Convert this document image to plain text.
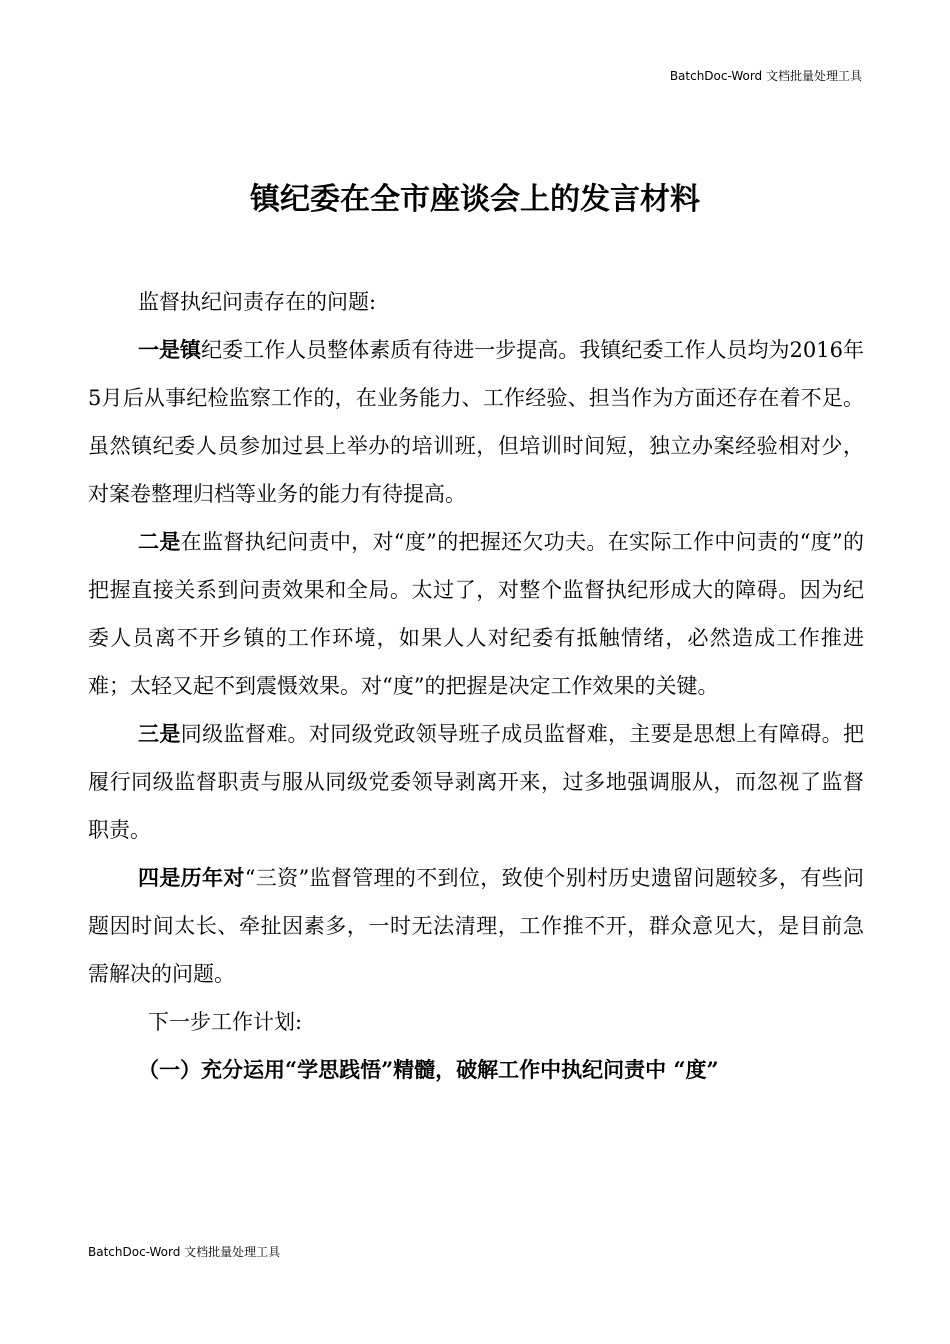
BatchDoc-Word 文档批量处理工具
镇纪委在全市座谈会上的发言材料

监督执纪问责存在的问题:

一是镇纪委工作人员整体素质有待进一步提高。我镇纪委工作人员均为2016年5月后从事纪检监察工作的，在业务能力、工作经验、担当作为方面还存在着不足。虽然镇纪委人员参加过县上举办的培训班，但培训时间短，独立办案经验相对少，对案卷整理归档等业务的能力有待提高。

二是在监督执纪问责中，对“度”的把握还欠功夫。在实际工作中问责的“度”的把握直接关系到问责效果和全局。太过了，对整个监督执纪形成大的障碍。因为纪委人员离不开乡镇的工作环境，如果人人对纪委有抵触情绪，必然造成工作推进难；太轻又起不到震慑效果。对“度”的把握是决定工作效果的关键。

三是同级监督难。对同级党政领导班子成员监督难，主要是思想上有障碍。把履行同级监督职责与服从同级党委领导剥离开来，过多地强调服从，而忽视了监督职责。

四是历年对“三资”监督管理的不到位，致使个别村历史遗留问题较多，有些问题因时间太长、牵扯因素多，一时无法清理，工作推不开，群众意见大，是目前急需解决的问题。

下一步工作计划:

（一）充分运用“学思践悟”精髓，破解工作中执纪问责中 “度”

BatchDoc-Word 文档批量处理工具
